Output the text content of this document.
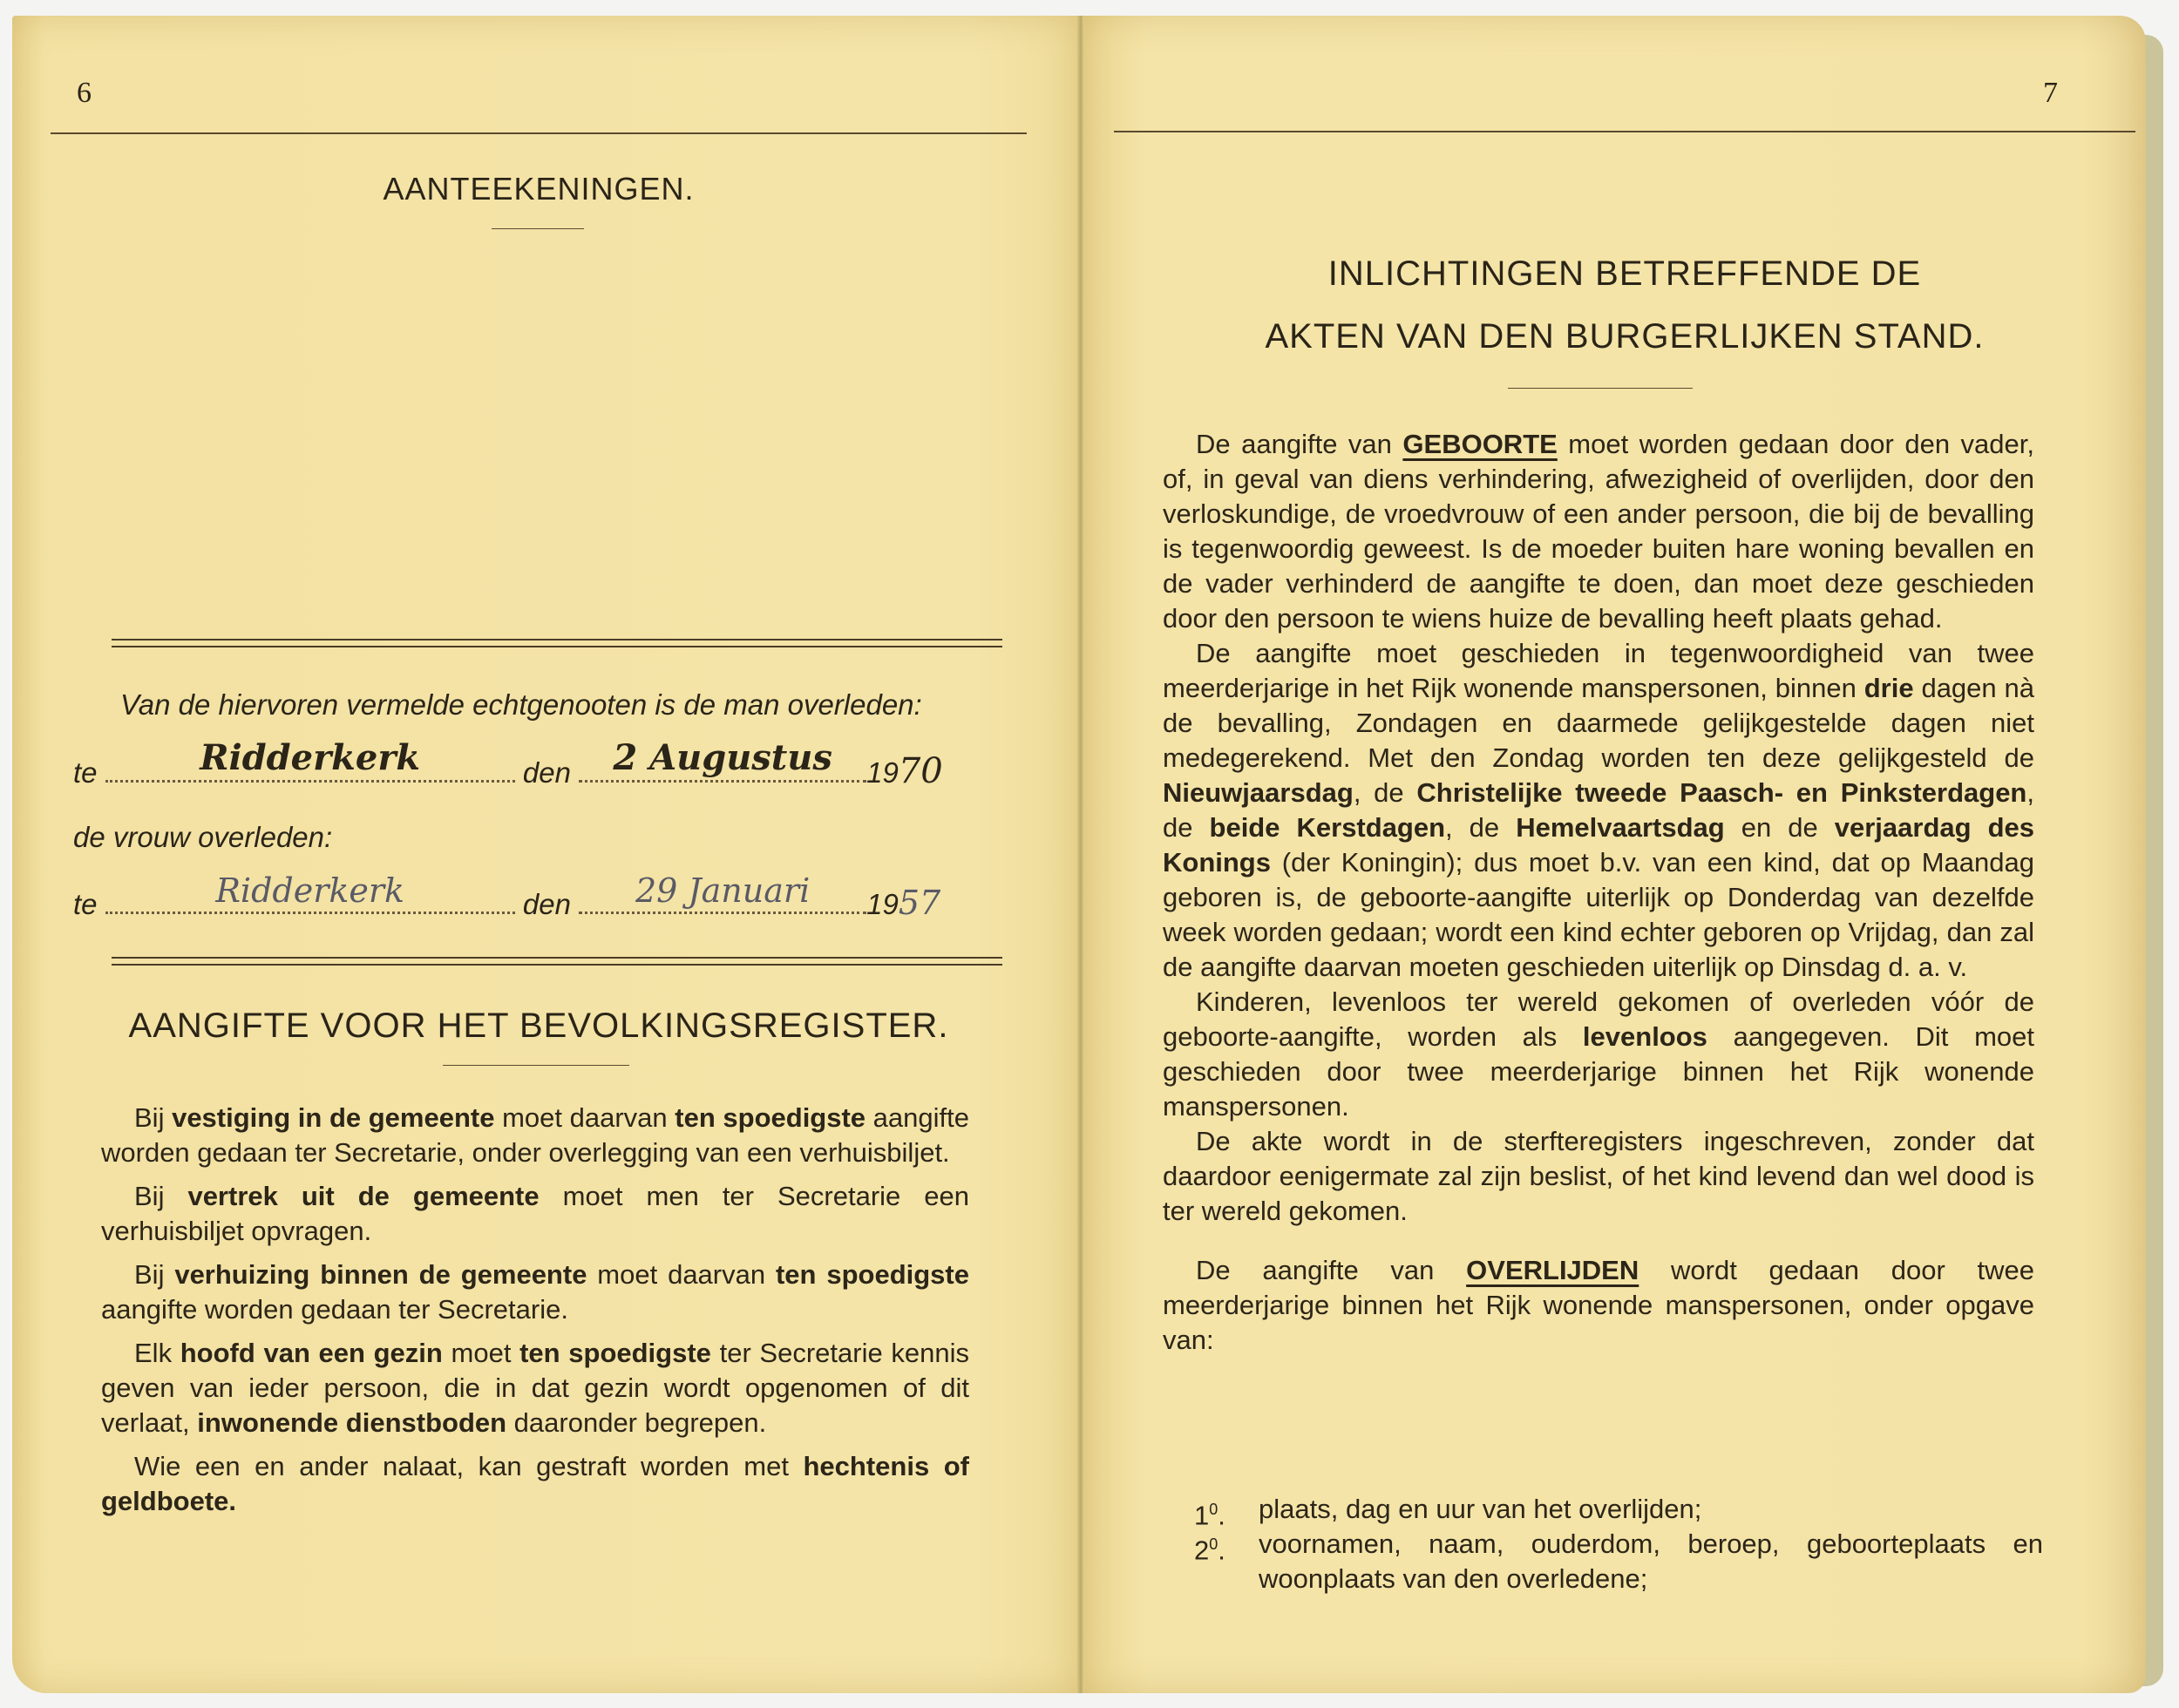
6
AANTEEKENINGEN.
Van de hiervoren vermelde echtgenooten is de man overleden:
te	Ridderkerk	den	2 Augustus	1970
de vrouw overleden:
te	Ridderkerk	den	29 Januari	1957
AANGIFTE VOOR HET BEVOLKINGSREGISTER.

Bij vestiging in de gemeente moet daarvan ten spoedigste aangifte worden gedaan ter Secretarie, onder overlegging van een verhuisbiljet.

Bij vertrek uit de gemeente moet men ter Secretarie een verhuisbiljet opvragen.

Bij verhuizing binnen de gemeente moet daarvan ten spoedigste aangifte worden gedaan ter Secretarie.

Elk hoofd van een gezin moet ten spoedigste ter Secretarie kennis geven van ieder persoon, die in dat gezin wordt opgenomen of dit verlaat, inwonende dienstboden daaronder begrepen.

Wie een en ander nalaat, kan gestraft worden met hechtenis of geldboete.

7
INLICHTINGEN BETREFFENDE DE
AKTEN VAN DEN BURGERLIJKEN STAND.

De aangifte van GEBOORTE moet worden gedaan door den vader, of, in geval van diens verhindering, afwezigheid of overlijden, door den verloskundige, de vroedvrouw of een ander persoon, die bij de bevalling is tegenwoordig geweest. Is de moeder buiten hare woning bevallen en de vader verhinderd de aangifte te doen, dan moet deze geschieden door den persoon te wiens huize de bevalling heeft plaats gehad.

De aangifte moet geschieden in tegenwoordigheid van twee meerderjarige in het Rijk wonende manspersonen, binnen drie dagen nà de bevalling, Zondagen en daarmede gelijkgestelde dagen niet medegerekend. Met den Zondag worden ten deze gelijkgesteld de Nieuwjaarsdag, de Christelijke tweede Paasch- en Pinksterdagen, de beide Kerstdagen, de Hemelvaartsdag en de verjaardag des Konings (der Koningin); dus moet b.v. van een kind, dat op Maandag geboren is, de geboorte-aangifte uiterlijk op Donderdag van dezelfde week worden gedaan; wordt een kind echter geboren op Vrijdag, dan zal de aangifte daarvan moeten geschieden uiterlijk op Dinsdag d. a. v.

Kinderen, levenloos ter wereld gekomen of overleden vóór de geboorte-aangifte, worden als levenloos aangegeven. Dit moet geschieden door twee meerderjarige binnen het Rijk wonende manspersonen.

De akte wordt in de sterfteregisters ingeschreven, zonder dat daardoor eenigermate zal zijn beslist, of het kind levend dan wel dood is ter wereld gekomen.

De aangifte van OVERLIJDEN wordt gedaan door twee meerderjarige binnen het Rijk wonende manspersonen, onder opgave van:

$1^0$. plaats, dag en uur van het overlijden;
$2^0$. voornamen, naam, ouderdom, beroep, geboorteplaats en woonplaats van den overledene;
